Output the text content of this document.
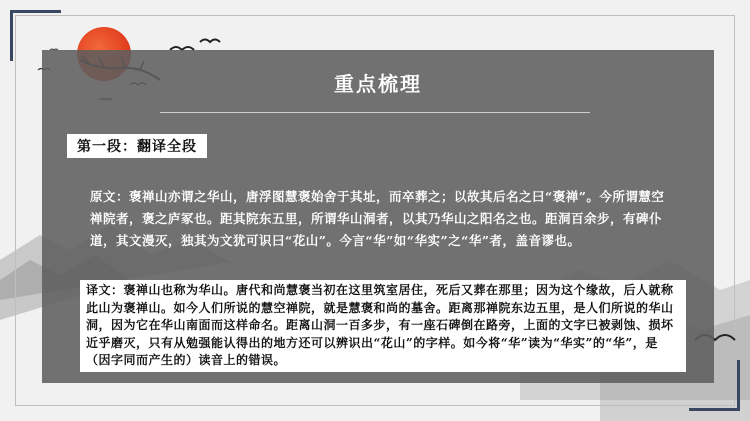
重点梳理
第一段：翻译全段
原文：褒禅山亦谓之华山，唐浮图慧褒始舍于其址，而卒葬之；以故其后名之曰“褒禅”。今所谓慧空禅院者，褒之庐冢也。距其院东五里，所谓华山洞者，以其乃华山之阳名之也。距洞百余步，有碑仆道，其文漫灭，独其为文犹可识曰“花山”。今言“华”如“华实”之“华”者，盖音谬也。
译文：褒禅山也称为华山。唐代和尚慧褒当初在这里筑室居住，死后又葬在那里；因为这个缘故，后人就称此山为褒禅山。如今人们所说的慧空禅院，就是慧褒和尚的墓舍。距离那禅院东边五里，是人们所说的华山洞，因为它在华山南面而这样命名。距离山洞一百多步，有一座石碑倒在路旁，上面的文字已被剥蚀、损坏近乎磨灭，只有从勉强能认得出的地方还可以辨识出“花山”的字样。如今将“华”读为“华实”的“华”，是（因字同而产生的）读音上的错误。
